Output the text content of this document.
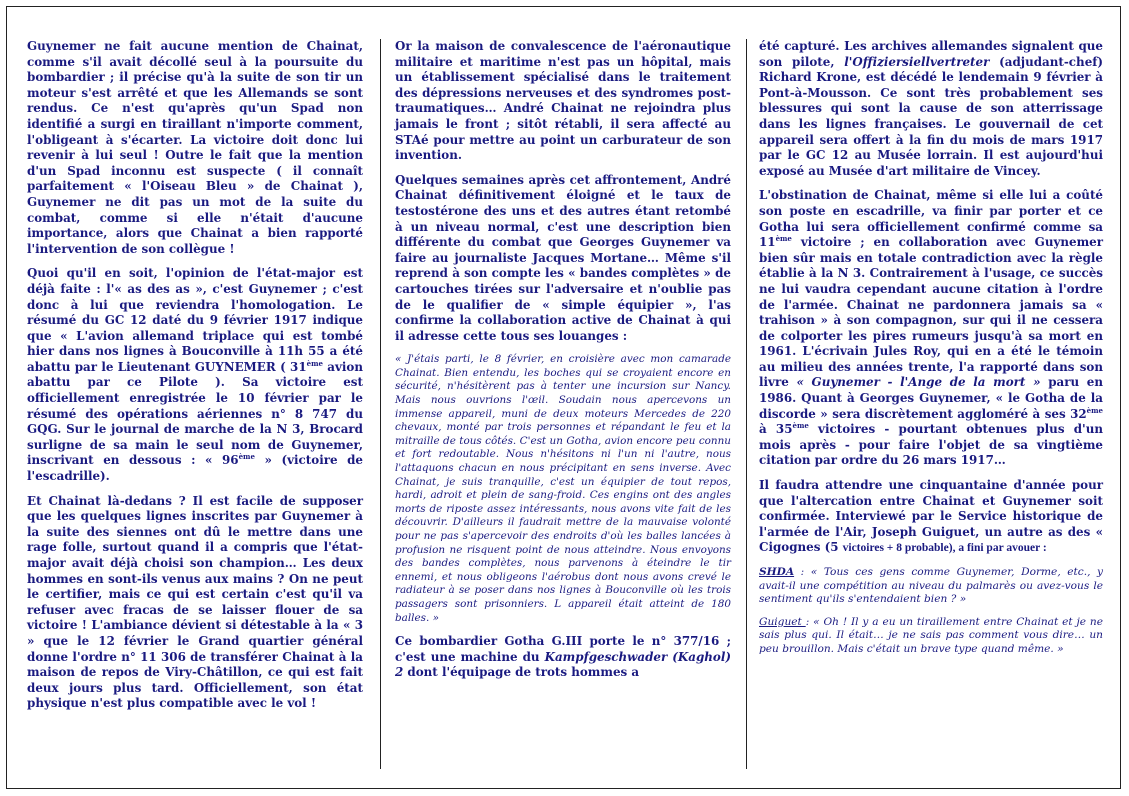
Guynemer ne fait aucune mention de Chainat, comme s'il avait décollé seul à la poursuite du bombardier ; il précise qu'à la suite de son tir un moteur s'est arrêté et que les Allemands se sont rendus. Ce n'est qu'après qu'un Spad non identifié a surgi en tiraillant n'importe comment, l'obligeant à s'écarter. La victoire doit donc lui revenir à lui seul ! Outre le fait que la mention d'un Spad inconnu est suspecte ( il connaît parfaitement « l'Oiseau Bleu » de Chainat ), Guynemer ne dit pas un mot de la suite du combat, comme si elle n'était d'aucune importance, alors que Chainat a bien rapporté l'intervention de son collègue !

Quoi qu'il en soit, l'opinion de l'état-major est déjà faite : l'« as des as », c'est Guynemer ; c'est donc à lui que reviendra l'homologation. Le résumé du GC 12 daté du 9 février 1917 indique que « L'avion allemand triplace qui est tombé hier dans nos lignes à Bouconville à 11h 55 a été abattu par le Lieutenant GUYNEMER ( 31ème avion abattu par ce Pilote ). Sa victoire est officiellement enregistrée le 10 février par le résumé des opérations aériennes n° 8 747 du GQG. Sur le journal de marche de la N 3, Brocard surligne de sa main le seul nom de Guynemer, inscrivant en dessous : « 96ème » (victoire de l'escadrille).

Et Chainat là-dedans ? Il est facile de supposer que les quelques lignes inscrites par Guynemer à la suite des siennes ont dû le mettre dans une rage folle, surtout quand il a compris que l'état-major avait déjà choisi son champion… Les deux hommes en sont-ils venus aux mains ? On ne peut le certifier, mais ce qui est certain c'est qu'il va refuser avec fracas de se laisser flouer de sa victoire ! L'ambiance dévient si détestable à la « 3 » que le 12 février le Grand quartier général donne l'ordre n° 11 306 de transférer Chainat à la maison de repos de Viry-Châtillon, ce qui est fait deux jours plus tard. Officiellement, son état physique n'est plus compatible avec le vol !

Or la maison de convalescence de l'aéronautique militaire et maritime n'est pas un hôpital, mais un établissement spécialisé dans le traitement des dépressions nerveuses et des syndromes post-traumatiques… André Chainat ne rejoindra plus jamais le front ; sitôt rétabli, il sera affecté au STAé pour mettre au point un carburateur de son invention.

Quelques semaines après cet affrontement, André Chainat définitivement éloigné et le taux de testostérone des uns et des autres étant retombé à un niveau normal, c'est une description bien différente du combat que Georges Guynemer va faire au journaliste Jacques Mortane… Même s'il reprend à son compte les « bandes complètes » de cartouches tirées sur l'adversaire et n'oublie pas de le qualifier de « simple équipier », l'as confirme la collaboration active de Chainat à qui il adresse cette tous ses louanges :

« J'étais parti, le 8 février, en croisière avec mon camarade Chainat. Bien entendu, les boches qui se croyaient encore en sécurité, n'hésitèrent pas à tenter une incursion sur Nancy. Mais nous ouvrions l'œil. Soudain nous apercevons un immense appareil, muni de deux moteurs Mercedes de 220 chevaux, monté par trois personnes et répandant le feu et la mitraille de tous côtés. C'est un Gotha, avion encore peu connu et fort redoutable. Nous n'hésitons ni l'un ni l'autre, nous l'attaquons chacun en nous précipitant en sens inverse. Avec Chainat, je suis tranquille, c'est un équipier de tout repos, hardi, adroit et plein de sang-froid. Ces engins ont des angles morts de riposte assez intéressants, nous avons vite fait de les découvrir. D'ailleurs il faudrait mettre de la mauvaise volonté pour ne pas s'apercevoir des endroits d'où les balles lancées à profusion ne risquent point de nous atteindre. Nous envoyons des bandes complètes, nous parvenons à éteindre le tir ennemi, et nous obligeons l'aérobus dont nous avons crevé le radiateur à se poser dans nos lignes à Bouconville où les trois passagers sont prisonniers. L appareil était atteint de 180 balles. »

Ce bombardier Gotha G.III porte le n° 377/16 ; c'est une machine du Kampfgeschwader (Kaghol) 2 dont l'équipage de trots hommes a

été capturé. Les archives allemandes signalent que son pilote, l'Offiziersiellvertreter (adjudant-chef) Richard Krone, est décédé le lendemain 9 février à Pont-à-Mousson. Ce sont très probablement ses blessures qui sont la cause de son atterrissage dans les lignes françaises. Le gouvernail de cet appareil sera offert à la fin du mois de mars 1917 par le GC 12 au Musée lorrain. Il est aujourd'hui exposé au Musée d'art militaire de Vincey.

L'obstination de Chainat, même si elle lui a coûté son poste en escadrille, va finir par porter et ce Gotha lui sera officiellement confirmé comme sa 11ème victoire ; en collaboration avec Guynemer bien sûr mais en totale contradiction avec la règle établie à la N 3. Contrairement à l'usage, ce succès ne lui vaudra cependant aucune citation à l'ordre de l'armée. Chainat ne pardonnera jamais sa « trahison » à son compagnon, sur qui il ne cessera de colporter les pires rumeurs jusqu'à sa mort en 1961. L'écrivain Jules Roy, qui en a été le témoin au milieu des années trente, l'a rapporté dans son livre « Guynemer - l'Ange de la mort » paru en 1986. Quant à Georges Guynemer, « le Gotha de la discorde » sera discrètement aggloméré à ses 32ème à 35ème victoires - pourtant obtenues plus d'un mois après - pour faire l'objet de sa vingtième citation par ordre du 26 mars 1917…

Il faudra attendre une cinquantaine d'année pour que l'altercation entre Chainat et Guynemer soit confirmée. Interviewé par le Service historique de l'armée de l'Air, Joseph Guiguet, un autre as des « Cigognes (5 victoires + 8 probable), a fini par avouer :

SHDA : « Tous ces gens comme Guynemer, Dorme, etc., y avait-il une compétition au niveau du palmarès ou avez-vous le sentiment qu'ils s'entendaient bien ? »

Guiguet : « Oh ! Il y a eu un tiraillement entre Chainat et je ne sais plus qui. Il était… je ne sais pas comment vous dire… un peu brouillon. Mais c'était un brave type quand même. »
